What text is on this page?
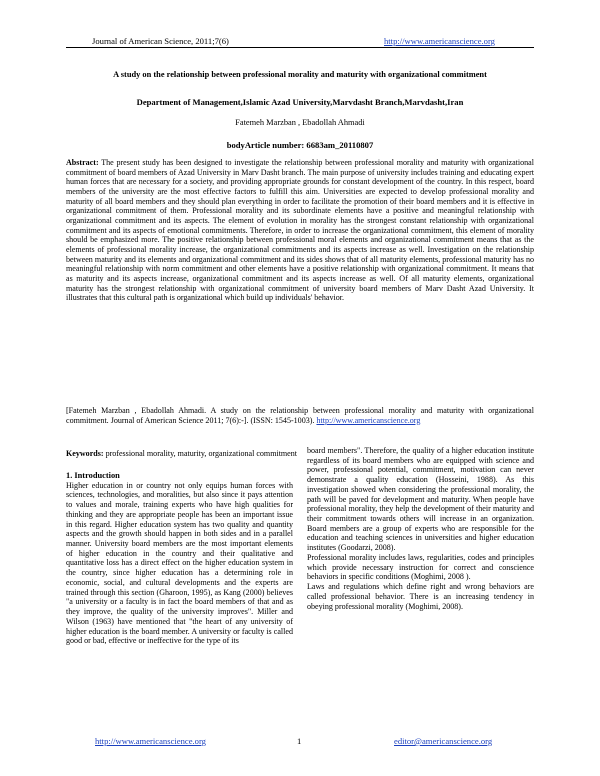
Journal of American Science, 2011;7(6)	http://www.americanscience.org
A study on the relationship between professional morality and maturity with organizational commitment
Department of Management,Islamic Azad University,Marvdasht Branch,Marvdasht,Iran
Fatemeh Marzban , Ebadollah Ahmadi
bodyArticle number: 6683am_20110807
Abstract: The present study has been designed to investigate the relationship between professional morality and maturity with organizational commitment of board members of Azad University in Marv Dasht branch. The main purpose of university includes training and educating expert human forces that are necessary for a society, and providing appropriate grounds for constant development of the country. In this respect, board members of the university are the most effective factors to fulfill this aim. Universities are expected to develop professional morality and maturity of all board members and they should plan everything in order to facilitate the promotion of their board members and it is effective in organizational commitment of them. Professional morality and its subordinate elements have a positive and meaningful relationship with organizational commitment and its aspects. The element of evolution in morality has the strongest constant relationship with organizational commitment and its aspects of emotional commitments. Therefore, in order to increase the organizational commitment, this element of morality should be emphasized more. The positive relationship between professional moral elements and organizational commitment means that as the elements of professional morality increase, the organizational commitments and its aspects increase as well. Investigation on the relationship between maturity and its elements and organizational commitment and its sides shows that of all maturity elements, professional maturity has no meaningful relationship with norm commitment and other elements have a positive relationship with organizational commitment. It means that as maturity and its aspects increase, organizational commitment and its aspects increase as well. Of all maturity elements, organizational maturity has the strongest relationship with organizational commitment of university board members of Marv Dasht Azad University. It illustrates that this cultural path is organizational which build up individuals' behavior.
[Fatemeh Marzban , Ebadollah Ahmadi. A study on the relationship between professional morality and maturity with organizational commitment. Journal of American Science 2011; 7(6):-]. (ISSN: 1545-1003). http://www.americanscience.org
Keywords: professional morality, maturity, organizational commitment
1. Introduction

Higher education in or country not only equips human forces with sciences, technologies, and moralities, but also since it pays attention to values and morale, training experts who have high qualities for thinking and they are appropriate people has been an important issue in this regard. Higher education system has two quality and quantity aspects and the growth should happen in both sides and in a parallel manner. University board members are the most important elements of higher education in the country and their qualitative and quantitative loss has a direct effect on the higher education system in the country, since higher education has a determining role in economic, social, and cultural developments and the experts are trained through this section (Gharoon, 1995), as Kang (2000) believes "a university or a faculty is in fact the board members of that and as they improve, the quality of the university improves". Miller and Wilson (1963) have mentioned that "the heart of any university of higher education is the board member. A university or faculty is called good or bad, effective or ineffective for the type of its

board members". Therefore, the quality of a higher education institute regardless of its board members who are equipped with science and power, professional potential, commitment, motivation can never demonstrate a quality education (Hosseini, 1988). As this investigation showed when considering the professional morality, the path will be paved for development and maturity. When people have professional morality, they help the development of their maturity and their commitment towards others will increase in an organization. Board members are a group of experts who are responsible for the education and teaching sciences in universities and higher education institutes (Goodarzi, 2008).

Professional morality includes laws, regularities, codes and principles which provide necessary instruction for correct and conscience behaviors in specific conditions (Moghimi, 2008 ).

Laws and regulations which define right and wrong behaviors are called professional behavior. There is an increasing tendency in obeying professional morality (Moghimi, 2008).

http://www.americanscience.org	1	editor@americanscience.org
